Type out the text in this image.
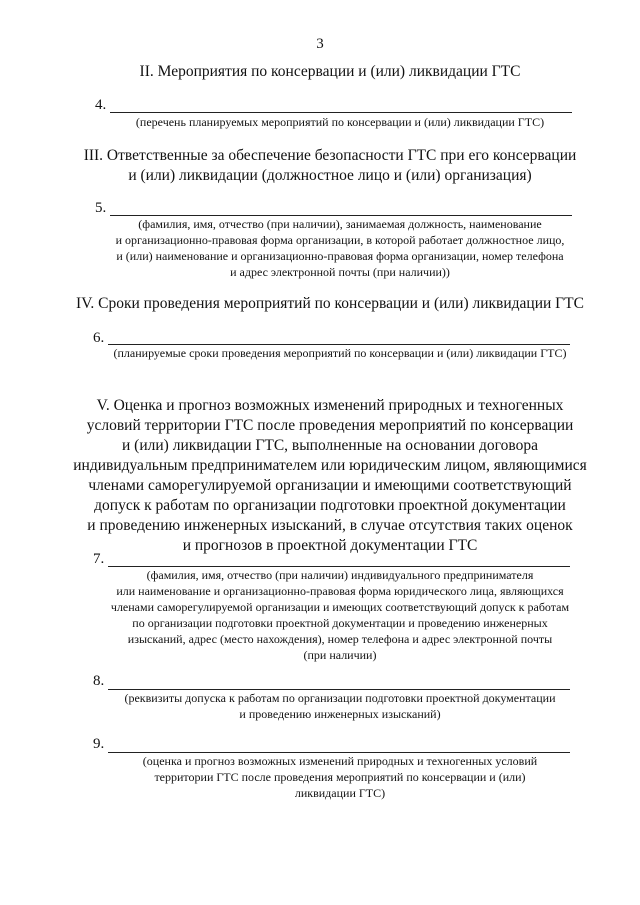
3
II. Мероприятия по консервации и (или) ликвидации ГТС
4.
(перечень планируемых мероприятий по консервации и (или) ликвидации ГТС)
III. Ответственные за обеспечение безопасности ГТС при его консервации
и (или) ликвидации (должностное лицо и (или) организация)
5.
(фамилия, имя, отчество (при наличии), занимаемая должность, наименование
и организационно-правовая форма организации, в которой работает должностное лицо,
и (или) наименование и организационно-правовая форма организации, номер телефона
и адрес электронной почты (при наличии))
IV. Сроки проведения мероприятий по консервации и (или) ликвидации ГТС
6.
(планируемые сроки проведения мероприятий по консервации и (или) ликвидации ГТС)
V. Оценка и прогноз возможных изменений природных и техногенных
условий территории ГТС после проведения мероприятий по консервации
и (или) ликвидации ГТС, выполненные на основании договора
индивидуальным предпринимателем или юридическим лицом, являющимися
членами саморегулируемой организации и имеющими соответствующий
допуск к работам по организации подготовки проектной документации
и проведению инженерных изысканий, в случае отсутствия таких оценок
и прогнозов в проектной документации ГТС
7.
(фамилия, имя, отчество (при наличии) индивидуального предпринимателя
или наименование и организационно-правовая форма юридического лица, являющихся
членами саморегулируемой организации и имеющих соответствующий допуск к работам
по организации подготовки проектной документации и проведению инженерных
изысканий, адрес (место нахождения), номер телефона и адрес электронной почты
(при наличии)
8.
(реквизиты допуска к работам по организации подготовки проектной документации
и проведению инженерных изысканий)
9.
(оценка и прогноз возможных изменений природных и техногенных условий
территории ГТС после проведения мероприятий по консервации и (или)
ликвидации ГТС)
